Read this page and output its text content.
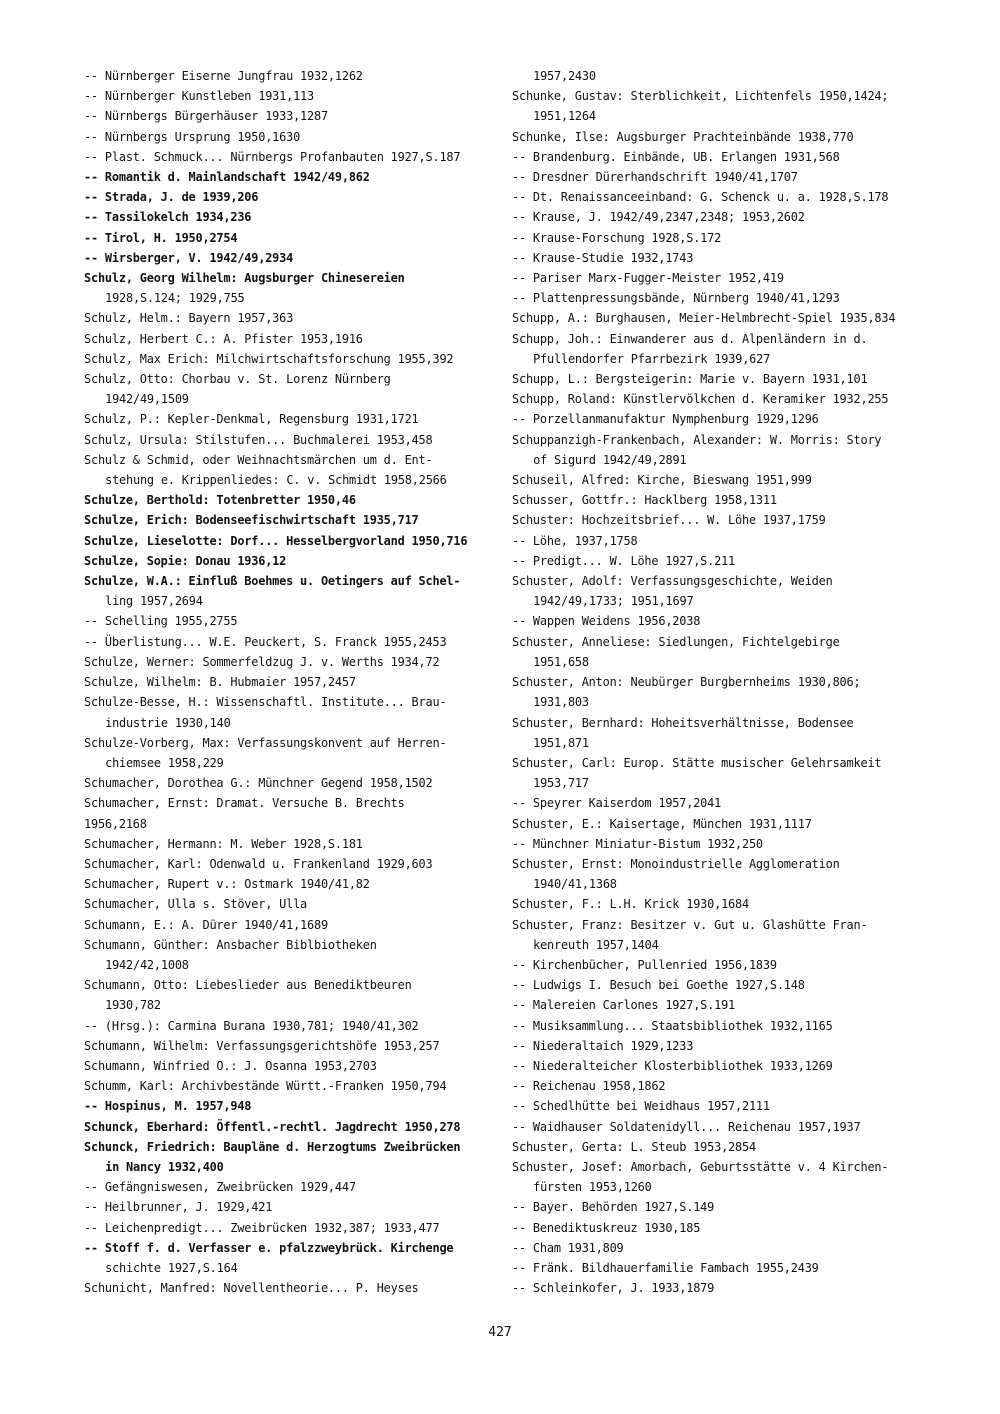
-- Nürnberger Eiserne Jungfrau 1932,1262
-- Nürnberger Kunstleben 1931,113
-- Nürnbergs Bürgerhäuser 1933,1287
-- Nürnbergs Ursprung 1950,1630
-- Plast. Schmuck... Nürnbergs Profanbauten 1927,S.187
-- Romantik d. Mainlandschaft 1942/49,862
-- Strada, J. de 1939,206
-- Tassilokelch 1934,236
-- Tirol, H. 1950,2754
-- Wirsberger, V. 1942/49,2934
Schulz, Georg Wilhelm: Augsburger Chinesereien
1928,S.124; 1929,755
Schulz, Helm.: Bayern 1957,363
Schulz, Herbert C.: A. Pfister 1953,1916
Schulz, Max Erich: Milchwirtschaftsforschung 1955,392
Schulz, Otto: Chorbau v. St. Lorenz Nürnberg
1942/49,1509
Schulz, P.: Kepler-Denkmal, Regensburg 1931,1721
Schulz, Ursula: Stilstufen... Buchmalerei 1953,458
Schulz & Schmid, oder Weihnachtsmärchen um d. Ent-
stehung e. Krippenliedes: C. v. Schmidt 1958,2566
Schulze, Berthold: Totenbretter 1950,46
Schulze, Erich: Bodenseefischwirtschaft 1935,717
Schulze, Lieselotte: Dorf... Hesselbergvorland 1950,716
Schulze, Sopie: Donau 1936,12
Schulze, W.A.: Einfluß Boehmes u. Oetingers auf Schel-
ling 1957,2694
-- Schelling 1955,2755
-- Überlistung... W.E. Peuckert, S. Franck 1955,2453
Schulze, Werner: Sommerfeldzug J. v. Werths 1934,72
Schulze, Wilhelm: B. Hubmaier 1957,2457
Schulze-Besse, H.: Wissenschaftl. Institute... Brau-
industrie 1930,140
Schulze-Vorberg, Max: Verfassungskonvent auf Herren-
chiemsee 1958,229
Schumacher, Dorothea G.: Münchner Gegend 1958,1502
Schumacher, Ernst: Dramat. Versuche B. Brechts
1956,2168
Schumacher, Hermann: M. Weber 1928,S.181
Schumacher, Karl: Odenwald u. Frankenland 1929,603
Schumacher, Rupert v.: Ostmark 1940/41,82
Schumacher, Ulla s. Stöver, Ulla
Schumann, E.: A. Dürer 1940/41,1689
Schumann, Günther: Ansbacher Biblbiotheken
1942/42,1008
Schumann, Otto: Liebeslieder aus Benediktbeuren
1930,782
-- (Hrsg.): Carmina Burana 1930,781; 1940/41,302
Schumann, Wilhelm: Verfassungsgerichtshöfe 1953,257
Schumann, Winfried O.: J. Osanna 1953,2703
Schumm, Karl: Archivbestände Württ.-Franken 1950,794
-- Hospinus, M. 1957,948
Schunck, Eberhard: Öffentl.-rechtl. Jagdrecht 1950,278
Schunck, Friedrich: Baupläne d. Herzogtums Zweibrücken
in Nancy 1932,400
-- Gefängniswesen, Zweibrücken 1929,447
-- Heilbrunner, J. 1929,421
-- Leichenpredigt... Zweibrücken 1932,387; 1933,477
-- Stoff f. d. Verfasser e. pfalzzweybrück. Kirchenge
schichte 1927,S.164
Schunicht, Manfred: Novellentheorie... P. Heyses
1957,2430
Schunke, Gustav: Sterblichkeit, Lichtenfels 1950,1424;
1951,1264
Schunke, Ilse: Augsburger Prachteinbände 1938,770
-- Brandenburg. Einbände, UB. Erlangen 1931,568
-- Dresdner Dürerhandschrift 1940/41,1707
-- Dt. Renaissanceeinband: G. Schenck u. a. 1928,S.178
-- Krause, J. 1942/49,2347,2348; 1953,2602
-- Krause-Forschung 1928,S.172
-- Krause-Studie 1932,1743
-- Pariser Marx-Fugger-Meister 1952,419
-- Plattenpressungsbände, Nürnberg 1940/41,1293
Schupp, A.: Burghausen, Meier-Helmbrecht-Spiel 1935,834
Schupp, Joh.: Einwanderer aus d. Alpenländern in d.
Pfullendorfer Pfarrbezirk 1939,627
Schupp, L.: Bergsteigerin: Marie v. Bayern 1931,101
Schupp, Roland: Künstlervölkchen d. Keramiker 1932,255
-- Porzellanmanufaktur Nymphenburg 1929,1296
Schuppanzigh-Frankenbach, Alexander: W. Morris: Story
of Sigurd 1942/49,2891
Schuseil, Alfred: Kirche, Bieswang 1951,999
Schusser, Gottfr.: Hacklberg 1958,1311
Schuster: Hochzeitsbrief... W. Löhe 1937,1759
-- Löhe, 1937,1758
-- Predigt... W. Löhe 1927,S.211
Schuster, Adolf: Verfassungsgeschichte, Weiden
1942/49,1733; 1951,1697
-- Wappen Weidens 1956,2038
Schuster, Anneliese: Siedlungen, Fichtelgebirge
1951,658
Schuster, Anton: Neubürger Burgbernheims 1930,806;
1931,803
Schuster, Bernhard: Hoheitsverhältnisse, Bodensee
1951,871
Schuster, Carl: Europ. Stätte musischer Gelehrsamkeit
1953,717
-- Speyrer Kaiserdom 1957,2041
Schuster, E.: Kaisertage, München 1931,1117
-- Münchner Miniatur-Bistum 1932,250
Schuster, Ernst: Monoindustrielle Agglomeration
1940/41,1368
Schuster, F.: L.H. Krick 1930,1684
Schuster, Franz: Besitzer v. Gut u. Glashütte Fran-
kenreuth 1957,1404
-- Kirchenbücher, Pullenried 1956,1839
-- Ludwigs I. Besuch bei Goethe 1927,S.148
-- Malereien Carlones 1927,S.191
-- Musiksammlung... Staatsbibliothek 1932,1165
-- Niederaltaich 1929,1233
-- Niederalteicher Klosterbibliothek 1933,1269
-- Reichenau 1958,1862
-- Schedlhütte bei Weidhaus 1957,2111
-- Waidhauser Soldatenidyll... Reichenau 1957,1937
Schuster, Gerta: L. Steub 1953,2854
Schuster, Josef: Amorbach, Geburtsstätte v. 4 Kirchen-
fürsten 1953,1260
-- Bayer. Behörden 1927,S.149
-- Benediktuskreuz 1930,185
-- Cham 1931,809
-- Fränk. Bildhauerfamilie Fambach 1955,2439
-- Schleinkofer, J. 1933,1879
427
